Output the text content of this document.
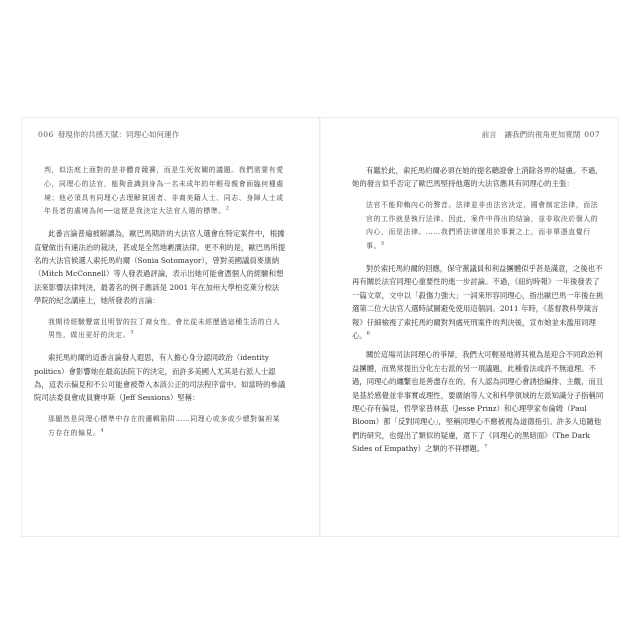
006 發現你的共感天賦：同理心如何運作
判，似法庭上面對的是非體育競賽，而是生死攸關的議題。我們需要有愛心，同理心的法官，能夠意識到身為一名未成年的年輕母親會面臨何種處境；他必須具有同理心去理解貧困者、非裔美籍人士、同志、身障人士或年長者的處境為何──這便是我決定大法官人選的標準。$^2$

此番言論普遍被解讀為，歐巴馬期許的大法官人選會在特定案件中，根據直覺做出有違法治的裁決，甚或是全然地褻瀆法律。更不利的是，歐巴馬所提名的大法官候選人索托馬約爾（Sonia Sotomayor），曾對美國議員麥康納（Mitch McConnell）等人發表過評論，表示出她可能會憑個人的經驗和想法來影響法律判決，最著名的例子應該是 2001 年在加州大學柏克萊分校法學院的紀念講座上，她所發表的言論：

我期待經驗豐富且明智的拉丁裔女性，會比從未經歷過這種生活的白人男性，做出更好的決定。$^3$

索托馬約爾的這番言論發人遐思，有人擔心身分認同政治（identity politics）會影響她在最高法院下的決定，而許多美國人尤其是右派人士認為，這表示偏見和不公可能會被帶入本該公正的司法程序當中。如當時的參議院司法委員會成員賽申斯（Jeff Sessions）堅稱：

那顯然是同理心標準中存在的邏輯陷阱……同理心或多或少總對偏袒某方存在的偏見。$^4$
前言　讓我們的視角更加寬闊 007

有鑑於此，索托馬約爾必須在她的提名聽證會上消除各界的疑慮。不過，她的發言似乎否定了歐巴馬堅持他選的大法官應具有同理心的主張：

法官不能仰賴內心的聲音。法律並非由法官決定，國會制定法律，而法官的工作就是執行法律。因此，案件中得出的結論，並非取決於個人的內心，而是法律。……我們將法律運用於事實之上，而非單憑直覺行事。$^5$

對於索托馬約爾的回應，保守黨議員和利益團體似乎甚是滿意，之後也不再有關於法官同理心重要性的進一步討論。不過，《紐約時報》一年後發表了一篇文章，文中以「殺傷力強大」一詞來形容同理心，指出歐巴馬一年後在挑選第二位大法官人選時試圖避免使用這個詞。2011 年時，《基督教科學箴言報》仔細檢視了索托馬約爾對判處死刑案件的判決後，宣布她並未濫用同理心。$^6$

關於這場司法同理心的爭辯，我們大可輕易地將其視為是迎合不同政治利益團體，而異常提出分化左右派的另一項議題，此種看法或許不無道理。不過，同理心的纏繫也是善盡存在的，有人認為同理心會誘拾編排、主觀，而且是基於感覺並非事實或理性，要廣納等人文和科學領域的左派知識分子指稱同理心存有偏見，哲學家普林茲（Jesse Prinz）和心理學家布倫姆（Paul Bloom）都「反對同理心」，堅稱同理心不應被視為道德指引。許多人追隨他們的研究，也提出了類似的疑慮，還下了《同理心的黑暗面》（The Dark Sides of Empathy）之類的不祥標題。$^7$
